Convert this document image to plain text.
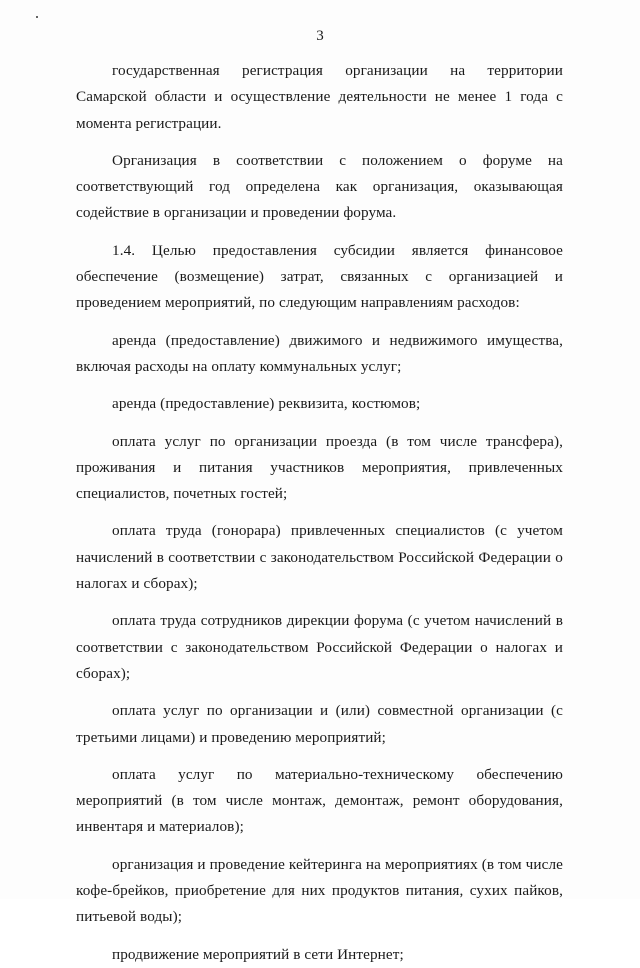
3

государственная регистрация организации на территории Самарской области и осуществление деятельности не менее 1 года с момента регистрации.

Организация в соответствии с положением о форуме на соответствующий год определена как организация, оказывающая содействие в организации и проведении форума.

1.4. Целью предоставления субсидии является финансовое обеспечение (возмещение) затрат, связанных с организацией и проведением мероприятий, по следующим направлениям расходов:

аренда (предоставление) движимого и недвижимого имущества, включая расходы на оплату коммунальных услуг;

аренда (предоставление) реквизита, костюмов;

оплата услуг по организации проезда (в том числе трансфера), проживания и питания участников мероприятия, привлеченных специалистов, почетных гостей;

оплата труда (гонорара) привлеченных специалистов (с учетом начислений в соответствии с законодательством Российской Федерации о налогах и сборах);

оплата труда сотрудников дирекции форума (с учетом начислений в соответствии с законодательством Российской Федерации о налогах и сборах);

оплата услуг по организации и (или) совместной организации (с третьими лицами) и проведению мероприятий;

оплата услуг по материально-техническому обеспечению мероприятий (в том числе монтаж, демонтаж, ремонт оборудования, инвентаря и материалов);

организация и проведение кейтеринга на мероприятиях (в том числе кофе-брейков, приобретение для них продуктов питания, сухих пайков, питьевой воды);

продвижение мероприятий в сети Интернет;
